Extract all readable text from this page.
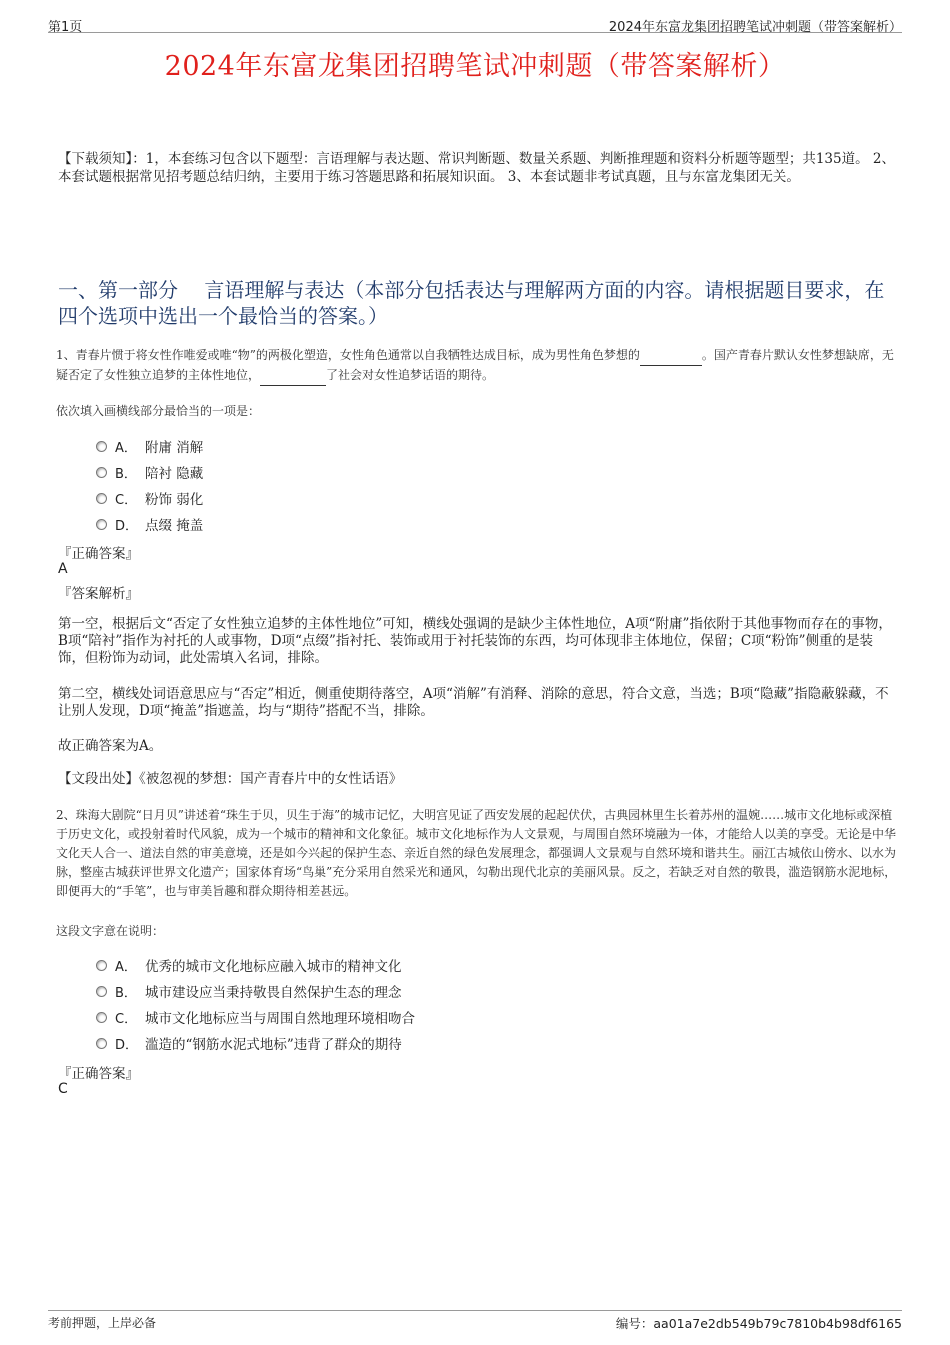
第1页	2024年东富龙集团招聘笔试冲刺题（带答案解析）
2024年东富龙集团招聘笔试冲刺题（带答案解析）
【下载须知】：1，本套练习包含以下题型：言语理解与表达题、常识判断题、数量关系题、判断推理题和资料分析题等题型；共135道。 2、本套试题根据常见招考题总结归纳，主要用于练习答题思路和拓展知识面。 3、本套试题非考试真题，且与东富龙集团无关。
一、第一部分　 言语理解与表达（本部分包括表达与理解两方面的内容。请根据题目要求，在四个选项中选出一个最恰当的答案。）
1、青春片惯于将女性作唯爱或唯“物”的两极化塑造，女性角色通常以自我牺牲达成目标，成为男性角色梦想的	。国产青春片默认女性梦想缺席，无疑否定了女性独立追梦的主体性地位，	了社会对女性追梦话语的期待。
依次填入画横线部分最恰当的一项是：
A． 附庸 消解
B． 陪衬 隐藏
C． 粉饰 弱化
D． 点缀 掩盖
『正确答案』
A
『答案解析』
第一空，根据后文“否定了女性独立追梦的主体性地位”可知，横线处强调的是缺少主体性地位，A项“附庸”指依附于其他事物而存在的事物，B项“陪衬”指作为衬托的人或事物，D项“点缀”指衬托、装饰或用于衬托装饰的东西，均可体现非主体地位，保留；C项“粉饰”侧重的是装饰，但粉饰为动词，此处需填入名词，排除。
第二空，横线处词语意思应与“否定”相近，侧重使期待落空，A项“消解”有消释、消除的意思，符合文意，当选；B项“隐藏”指隐蔽躲藏，不让别人发现，D项“掩盖”指遮盖，均与“期待”搭配不当，排除。
故正确答案为A。
【文段出处】《被忽视的梦想：国产青春片中的女性话语》
2、珠海大剧院“日月贝”讲述着“珠生于贝，贝生于海”的城市记忆，大明宫见证了西安发展的起起伏伏，古典园林里生长着苏州的温婉……城市文化地标或深植于历史文化，或投射着时代风貌，成为一个城市的精神和文化象征。城市文化地标作为人文景观，与周围自然环境融为一体，才能给人以美的享受。无论是中华文化天人合一、道法自然的审美意境，还是如今兴起的保护生态、亲近自然的绿色发展理念，都强调人文景观与自然环境和谐共生。丽江古城依山傍水、以水为脉，整座古城获评世界文化遗产；国家体育场“鸟巢”充分采用自然采光和通风，勾勒出现代北京的美丽风景。反之，若缺乏对自然的敬畏，滥造钢筋水泥地标，即便再大的“手笔”，也与审美旨趣和群众期待相差甚远。
这段文字意在说明：
A． 优秀的城市文化地标应融入城市的精神文化
B． 城市建设应当秉持敬畏自然保护生态的理念
C． 城市文化地标应当与周围自然地理环境相吻合
D． 滥造的“钢筋水泥式地标”违背了群众的期待
『正确答案』
C
考前押题，上岸必备	编号：aa01a7e2db549b79c7810b4b98df6165
